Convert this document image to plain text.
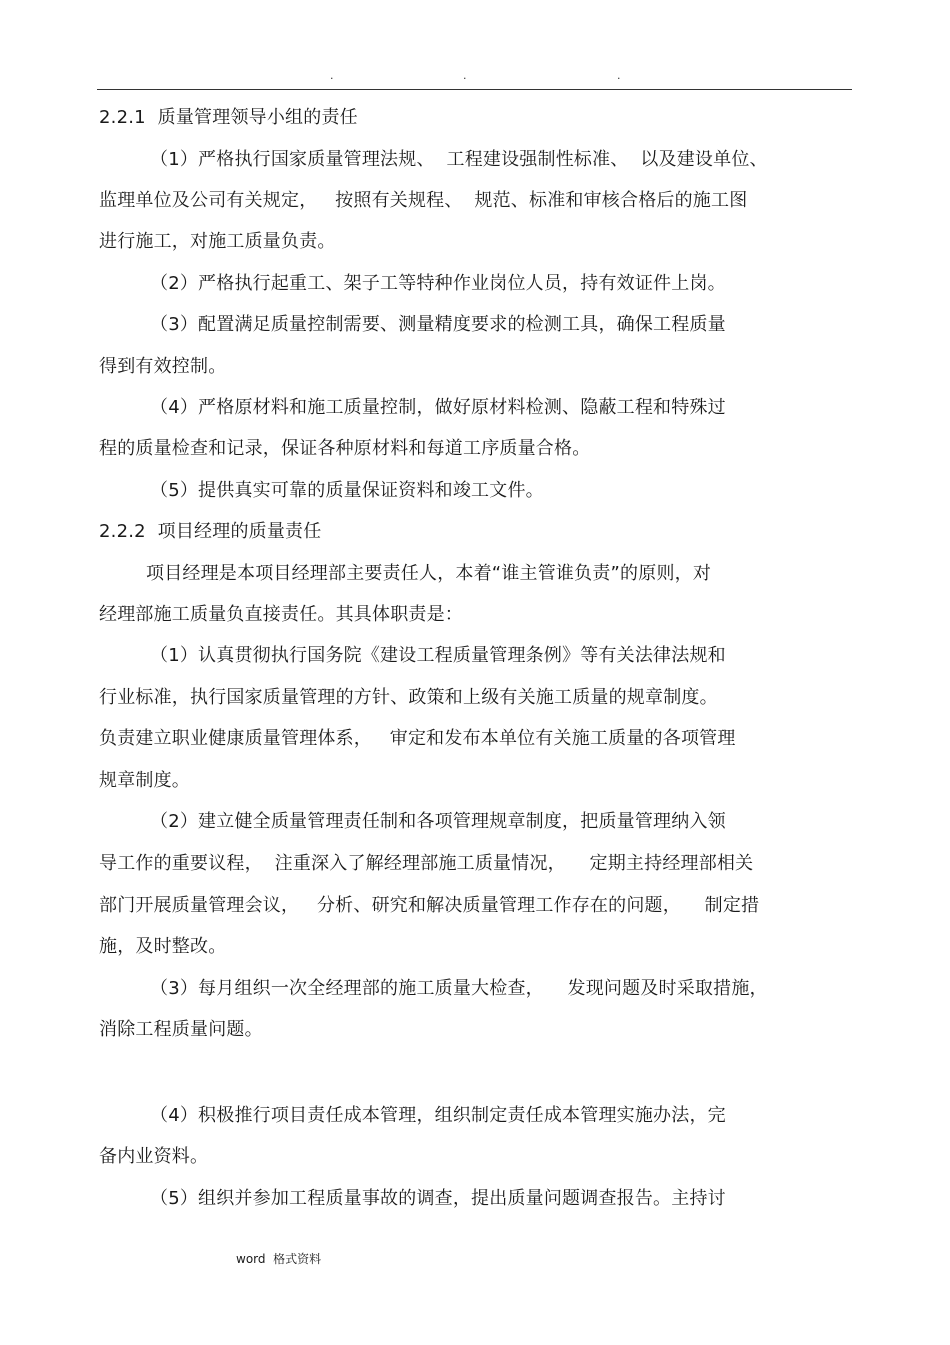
.	.	.
2.2.1  质量管理领导小组的责任
（1）严格执行国家质量管理法规、  工程建设强制性标准、  以及建设单位、
监理单位及公司有关规定，   按照有关规程、  规范、标准和审核合格后的施工图
进行施工，对施工质量负责。
（2）严格执行起重工、架子工等特种作业岗位人员，持有效证件上岗。
（3）配置满足质量控制需要、测量精度要求的检测工具，确保工程质量
得到有效控制。
（4）严格原材料和施工质量控制，做好原材料检测、隐蔽工程和特殊过
程的质量检查和记录，保证各种原材料和每道工序质量合格。
（5）提供真实可靠的质量保证资料和竣工文件。
2.2.2  项目经理的质量责任
项目经理是本项目经理部主要责任人，本着“谁主管谁负责”的原则，对
经理部施工质量负直接责任。其具体职责是：
（1）认真贯彻执行国务院《建设工程质量管理条例》等有关法律法规和
行业标准，执行国家质量管理的方针、政策和上级有关施工质量的规章制度。
负责建立职业健康质量管理体系，   审定和发布本单位有关施工质量的各项管理
规章制度。
（2）建立健全质量管理责任制和各项管理规章制度，把质量管理纳入领
导工作的重要议程，  注重深入了解经理部施工质量情况，    定期主持经理部相关
部门开展质量管理会议，   分析、研究和解决质量管理工作存在的问题，    制定措
施，及时整改。
（3）每月组织一次全经理部的施工质量大检查，    发现问题及时采取措施，
消除工程质量问题。
（4）积极推行项目责任成本管理，组织制定责任成本管理实施办法，完
备内业资料。
（5）组织并参加工程质量事故的调查，提出质量问题调查报告。主持讨
word  格式资料
